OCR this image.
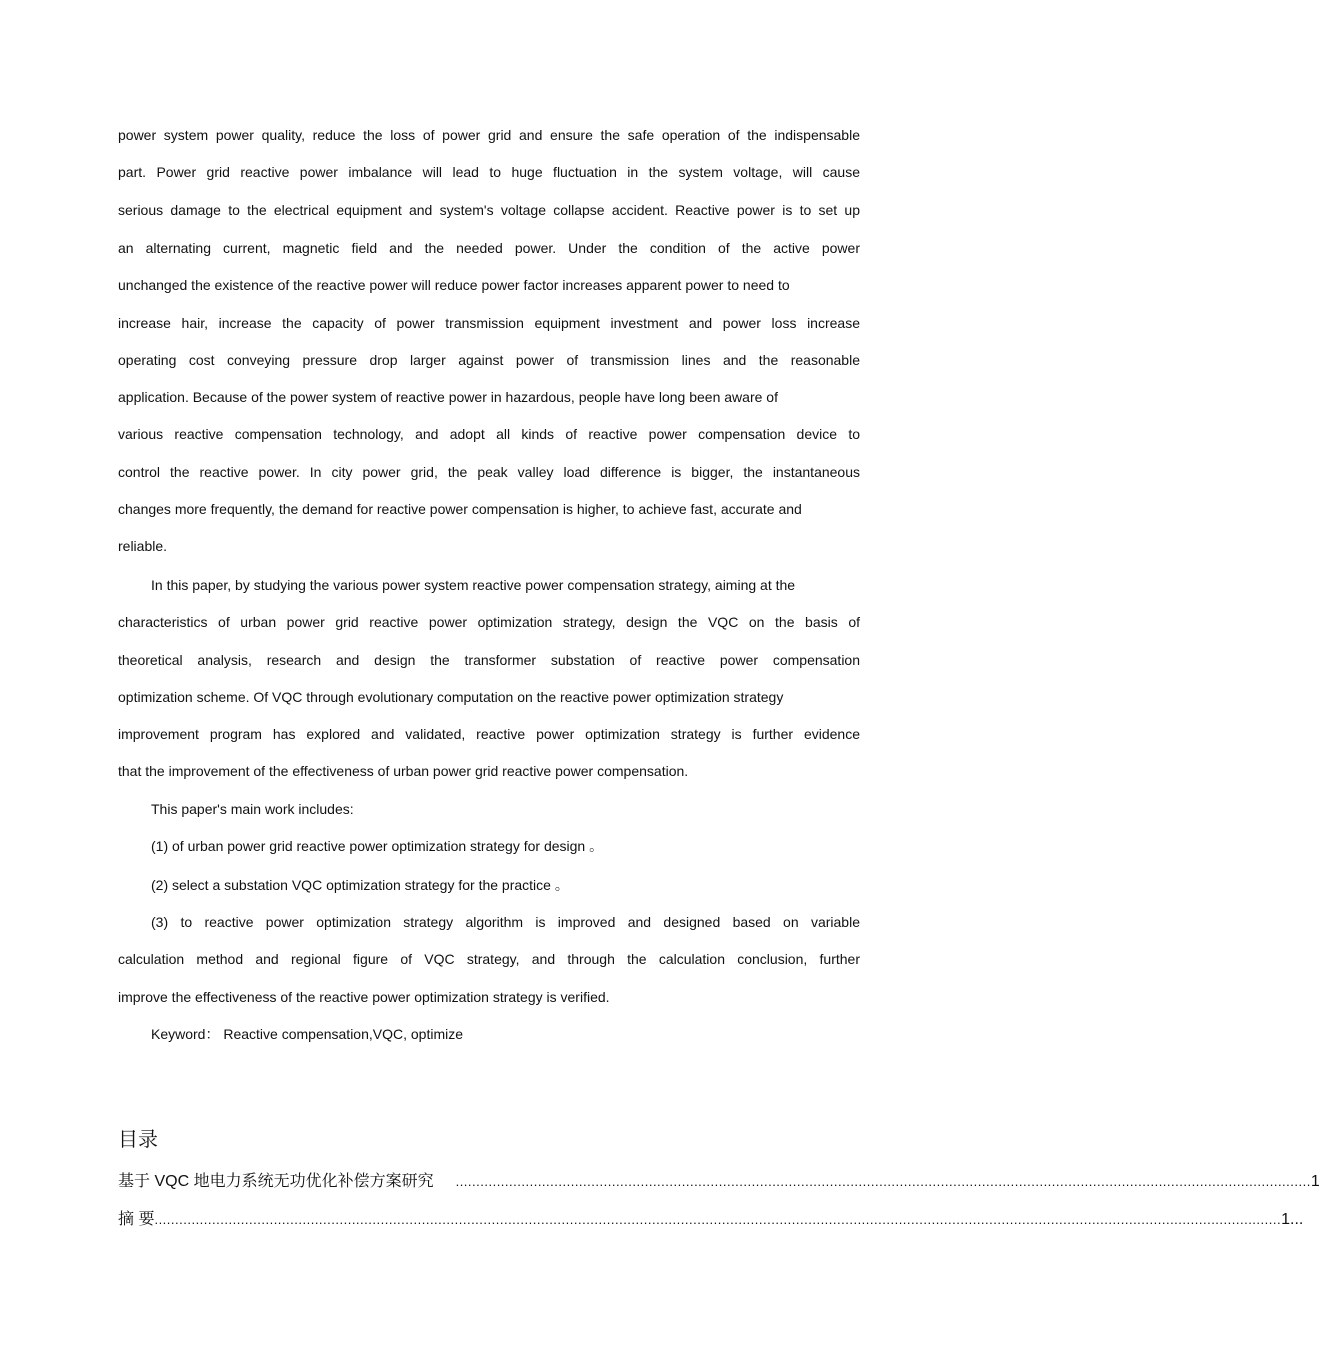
power system power quality, reduce the loss of power grid and ensure the safe operation of the indispensable
part. Power grid reactive power imbalance will lead to huge fluctuation in the system voltage, will cause
serious damage to the electrical equipment and system's voltage collapse accident. Reactive power is to set up
an alternating current, magnetic field and the needed power. Under the condition of the active power
unchanged the existence of the reactive power will reduce power factor increases apparent power to need to
increase hair, increase the capacity of power transmission equipment investment and power loss increase
operating cost conveying pressure drop larger against power of transmission lines and the reasonable
application. Because of the power system of reactive power in hazardous, people have long been aware of
various reactive compensation technology, and adopt all kinds of reactive power compensation device to
control the reactive power. In city power grid, the peak valley load difference is bigger, the instantaneous
changes more frequently, the demand for reactive power compensation is higher, to achieve fast, accurate and
reliable.
In this paper, by studying the various power system reactive power compensation strategy, aiming at the
characteristics of urban power grid reactive power optimization strategy, design the VQC on the basis of
theoretical analysis, research and design the transformer substation of reactive power compensation
optimization scheme. Of VQC through evolutionary computation on the reactive power optimization strategy
improvement program has explored and validated, reactive power optimization strategy is further evidence
that the improvement of the effectiveness of urban power grid reactive power compensation.
This paper's main work includes:
(1) of urban power grid reactive power optimization strategy for design 。
(2) select a substation VQC optimization strategy for the practice 。
(3) to reactive power optimization strategy algorithm is improved and designed based on variable
calculation method and regional figure of VQC strategy, and through the calculation conclusion, further
improve the effectiveness of the reactive power optimization strategy is verified.
Keyword： Reactive compensation,VQC, optimize
目录
基于 VQC 地电力系统无功优化补偿方案研究 ................................................................................................................................................................................................................ 1
摘 要 .................................................................................................................................................................................................................................................................................. 1...
